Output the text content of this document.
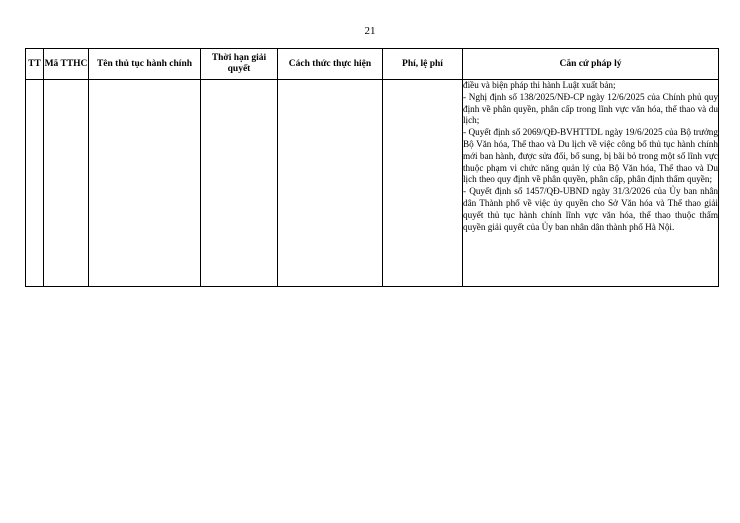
21
TT	Mã TTHC	Tên thủ tục hành chính	Thời hạn giải quyết	Cách thức thực hiện	Phí, lệ phí	Căn cứ pháp lý

						điều và biện pháp thi hành Luật xuất bản;

- Nghị định số 138/2025/NĐ-CP ngày 12/6/2025 của Chính phủ quy định về phân quyền, phân cấp trong lĩnh vực văn hóa, thể thao và du lịch;

- Quyết định số 2069/QĐ-BVHTTDL ngày 19/6/2025 của Bộ trưởng Bộ Văn hóa, Thể thao và Du lịch về việc công bố thủ tục hành chính mới ban hành, được sửa đổi, bổ sung, bị bãi bỏ trong một số lĩnh vực thuộc phạm vi chức năng quản lý của Bộ Văn hóa, Thể thao và Du lịch theo quy định về phân quyền, phân cấp, phân định thẩm quyền;

- Quyết định số 1457/QĐ-UBND ngày 31/3/2026 của Ủy ban nhân dân Thành phố về việc ủy quyền cho Sở Văn hóa và Thể thao giải quyết thủ tục hành chính lĩnh vực văn hóa, thể thao thuộc thẩm quyền giải quyết của Ủy ban nhân dân thành phố Hà Nội.
